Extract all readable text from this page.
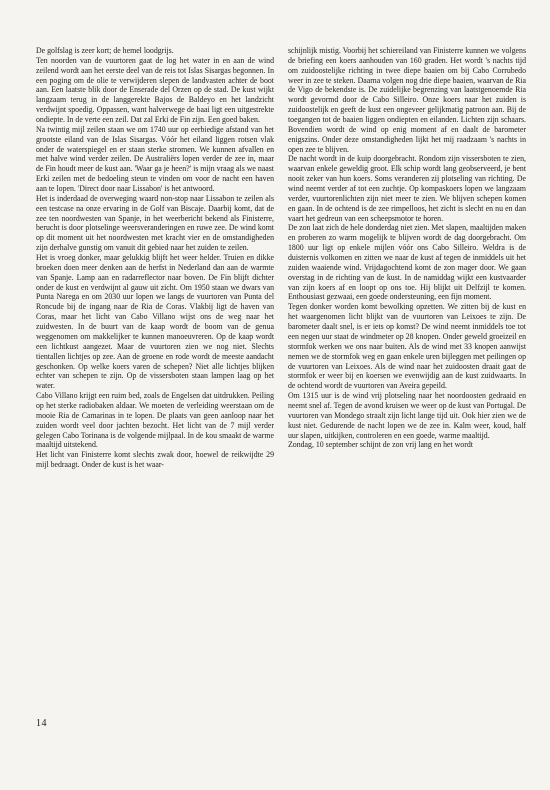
De golfslag is zeer kort; de hemel loodgrijs.

Ten noorden van de vuurtoren gaat de log het water in en aan de wind zeilend wordt aan het eerste deel van de reis tot Islas Sisargas begonnen. In een poging om de olie te verwijderen slepen de landvasten achter de boot aan. Een laatste blik door de Enserade del Orzen op de stad. De kust wijkt langzaam terug in de langgerekte Bajos de Baldeyo en het landzicht verdwijnt spoedig. Oppassen, want halverwege de baai ligt een uitgestrekte ondiepte. In de verte een zeil. Dat zal Erki de Fin zijn. Een goed baken.

Na twintig mijl zeilen staan we om 1740 uur op eerbiedige afstand van het grootste eiland van de Islas Sisargas. Vóór het eiland liggen rotsen vlak onder de waterspiegel en er staan sterke stromen. We kunnen afvallen en met halve wind verder zeilen. De Australiërs lopen verder de zee in, maar de Fin houdt meer de kust aan. 'Waar ga je heen?' is mijn vraag als we naast Erki zeilen met de bedoeling steun te vinden om voor de nacht een haven aan te lopen. 'Direct door naar Lissabon' is het antwoord.

Het is inderdaad de overweging waard non-stop naar Lissabon te zeilen als een testcase na onze ervaring in de Golf van Biscaje. Daarbij komt, dat de zee ten noordwesten van Spanje, in het weerbericht bekend als Finisterre, berucht is door plotselinge weersveranderingen en ruwe zee. De wind komt op dit moment uit het noordwesten met kracht vier en de omstandigheden zijn derhalve gunstig om vanuit dit gebied naar het zuiden te zeilen.

Het is vroeg donker, maar gelukkig blijft het weer helder. Truien en dikke broeken doen meer denken aan de herfst in Nederland dan aan de warmte van Spanje. Lamp aan en radarreflector naar boven. De Fin blijft dichter onder de kust en verdwijnt al gauw uit zicht. Om 1950 staan we dwars van Punta Narega en om 2030 uur lopen we langs de vuurtoren van Punta del Roncude bij de ingang naar de Ria de Coras. Vlakbij ligt de haven van Coras, maar het licht van Cabo Villano wijst ons de weg naar het zuidwesten. In de buurt van de kaap wordt de boom van de genua weggenomen om makkelijker te kunnen manoeuvreren. Op de kaap wordt een lichtkust aangezet. Maar de vuurtoren zien we nog niet. Slechts tientallen lichtjes op zee. Aan de groene en rode wordt de meeste aandacht geschonken. Op welke koers varen de schepen? Niet alle lichtjes blijken echter van schepen te zijn. Op de vissersboten staan lampen laag op het water.

Cabo Villano krijgt een ruim bed, zoals de Engelsen dat uitdrukken. Peiling op het sterke radiobaken aldaar. We moeten de verleiding weerstaan om de mooie Ria de Camarinas in te lopen. De plaats van geen aanloop naar het zuiden wordt veel door jachten bezocht. Het licht van de 7 mijl verder gelegen Cabo Torinana is de volgende mijlpaal. In de kou smaakt de warme maaltijd uitstekend.

Het licht van Finisterre komt slechts zwak door, hoewel de reikwijdte 29 mijl bedraagt. Onder de kust is het waar-

schijnlijk mistig. Voorbij het schiereiland van Finisterre kunnen we volgens de briefing een koers aanhouden van 160 graden. Het wordt 's nachts tijd om zuidoostelijke richting in twee diepe baaien om bij Cabo Corrubedo weer in zee te steken. Daarna volgen nog drie diepe baaien, waarvan de Ria de Vigo de bekendste is. De zuidelijke begrenzing van laatstgenoemde Ria wordt gevormd door de Cabo Silleiro. Onze koers naar het zuiden is zuidoostelijk en geeft de kust een ongeveer gelijkmatig patroon aan. Bij de toegangen tot de baaien liggen ondiepten en eilanden. Lichten zijn schaars. Bovendien wordt de wind op enig moment af en daalt de barometer enigszins. Onder deze omstandigheden lijkt het mij raadzaam 's nachts in open zee te blijven.

De nacht wordt in de kuip doorgebracht. Rondom zijn vissersboten te zien, waarvan enkele geweldig groot. Elk schip wordt lang geobserveerd, je bent nooit zeker van hun koers. Soms veranderen zij plotseling van richting. De wind neemt verder af tot een zuchtje. Op kompaskoers lopen we langzaam verder, vuurtorenlichten zijn niet meer te zien. We blijven schepen komen en gaan. In de ochtend is de zee rimpelloos, het zicht is slecht en nu en dan vaart het gedreun van een scheepsmotor te horen.

De zon laat zich de hele donderdag niet zien. Met slapen, maaltijden maken en proberen zo warm mogelijk te blijven wordt de dag doorgebracht. Om 1800 uur ligt op enkele mijlen vóór ons Cabo Silleiro. Weldra is de duisternis volkomen en zitten we naar de kust af tegen de inmiddels uit het zuiden waaiende wind. Vrijdagochtend komt de zon mager door. We gaan overstag in de richting van de kust. In de namiddag wijkt een kustvaarder van zijn koers af en loopt op ons toe. Hij blijkt uit Delfzijl te komen. Enthousiast gezwaai, een goede ondersteuning, een fijn moment.

Tegen donker worden komt bewolking opzetten. We zitten bij de kust en het waargenomen licht blijkt van de vuurtoren van Leixoes te zijn. De barometer daalt snel, is er iets op komst? De wind neemt inmiddels toe tot een negen uur staat de windmeter op 28 knopen. Onder geweld groeizeil en stormfok werken we ons naar buiten. Als de wind met 33 knopen aanwijst nemen we de stormfok weg en gaan enkele uren bijleggen met peilingen op de vuurtoren van Leixoes. Als de wind naar het zuidoosten draait gaat de stormfok er weer bij en koersen we evenwijdig aan de kust zuidwaarts. In de ochtend wordt de vuurtoren van Aveira gepeild.

Om 1315 uur is de wind vrij plotseling naar het noordoosten gedraaid en neemt snel af. Tegen de avond kruisen we weer op de kust van Portugal. De vuurtoren van Mondego straalt zijn licht lange tijd uit. Ook hier zien we de kust niet. Gedurende de nacht lopen we de zee in. Kalm weer, koud, half uur slapen, uitkijken, controleren en een goede, warme maaltijd.

Zondag, 10 september schijnt de zon vrij lang en het wordt

14
